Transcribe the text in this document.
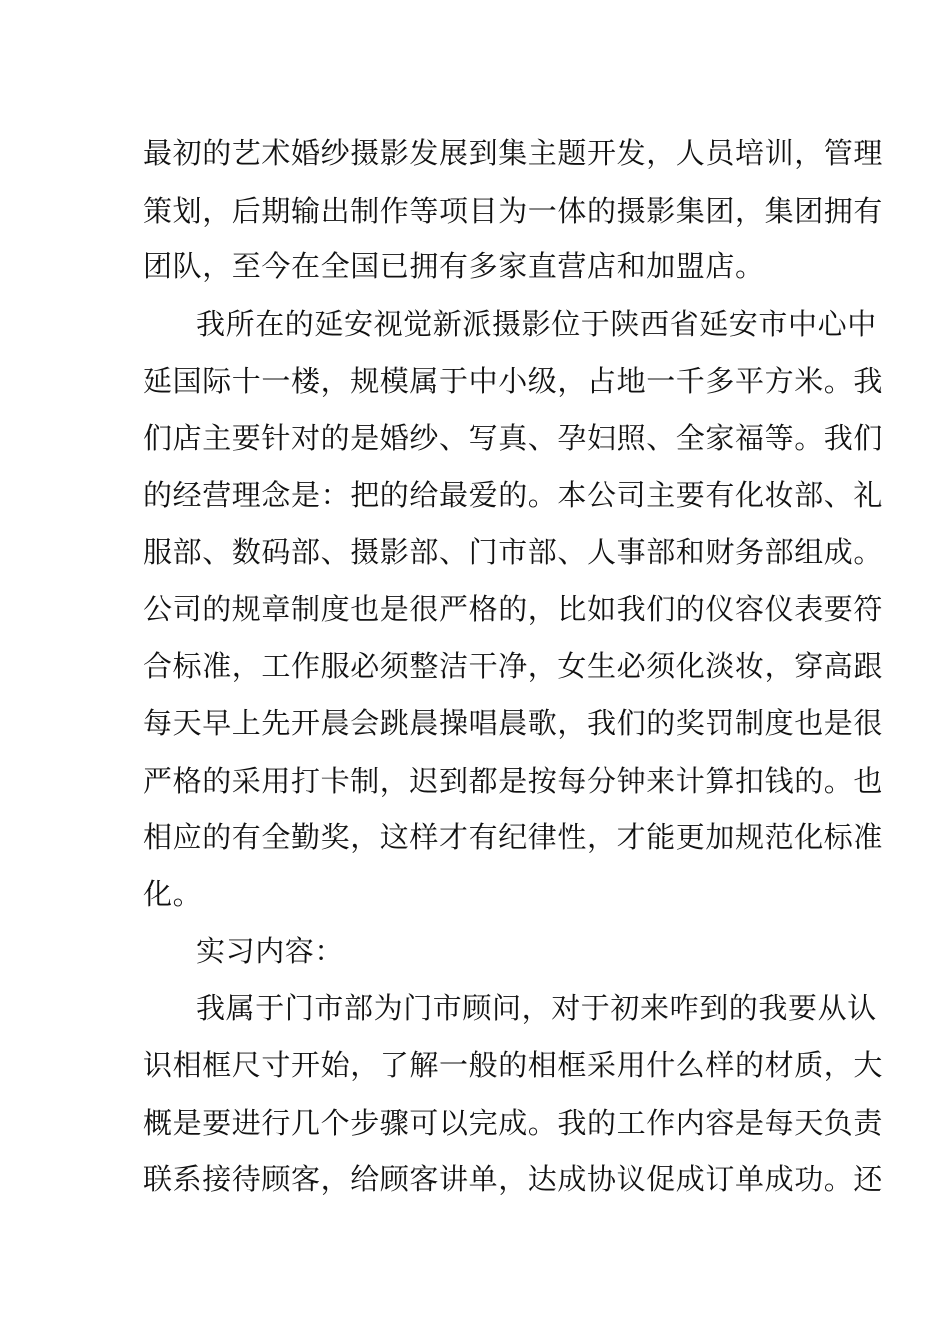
最初的艺术婚纱摄影发展到集主题开发，人员培训，管理
策划，后期输出制作等项目为一体的摄影集团，集团拥有
团队，至今在全国已拥有多家直营店和加盟店。
我所在的延安视觉新派摄影位于陕西省延安市中心中
延国际十一楼，规模属于中小级，占地一千多平方米。我
们店主要针对的是婚纱、写真、孕妇照、全家福等。我们
的经营理念是：把的给最爱的。本公司主要有化妆部、礼
服部、数码部、摄影部、门市部、人事部和财务部组成。
公司的规章制度也是很严格的，比如我们的仪容仪表要符
合标准，工作服必须整洁干净，女生必须化淡妆，穿高跟
每天早上先开晨会跳晨操唱晨歌，我们的奖罚制度也是很
严格的采用打卡制，迟到都是按每分钟来计算扣钱的。也
相应的有全勤奖，这样才有纪律性，才能更加规范化标准
化。
实习内容：
我属于门市部为门市顾问，对于初来咋到的我要从认
识相框尺寸开始，了解一般的相框采用什么样的材质，大
概是要进行几个步骤可以完成。我的工作内容是每天负责
联系接待顾客，给顾客讲单，达成协议促成订单成功。还
